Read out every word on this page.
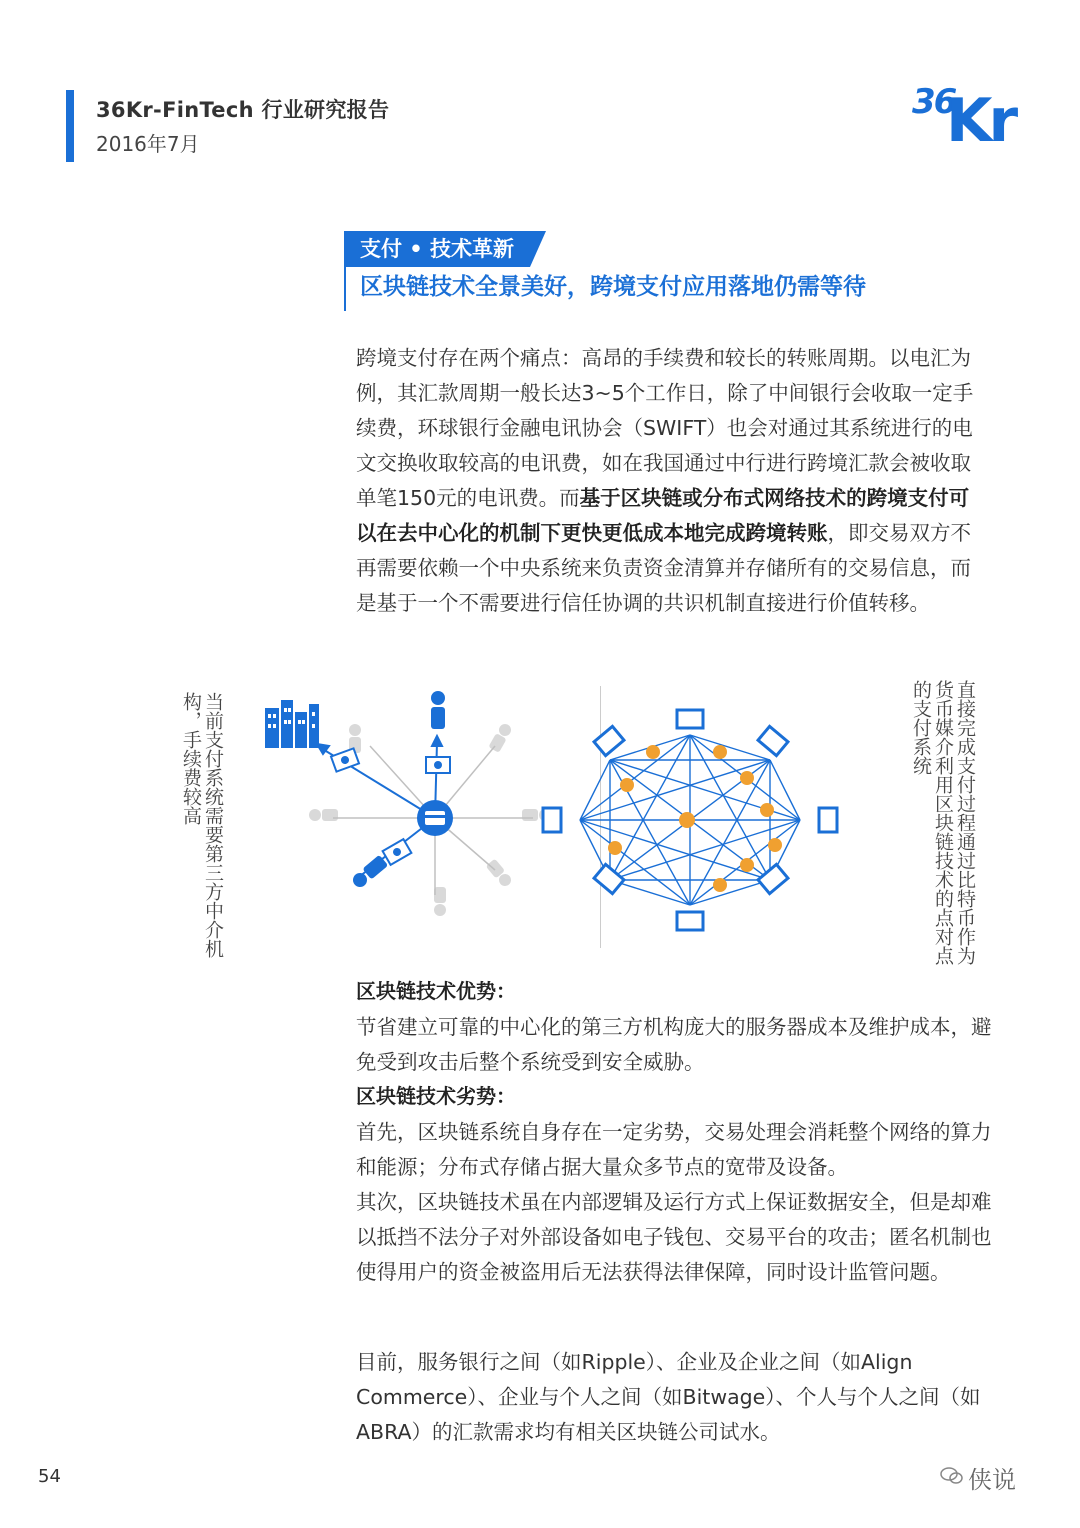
36Kr-FinTech 行业研究报告
2016年7月
36
Kr
支付 • 技术革新
区块链技术全景美好，跨境支付应用落地仍需等待
跨境支付存在两个痛点：高昂的手续费和较长的转账周期。以电汇为例，其汇款周期一般长达3~5个工作日，除了中间银行会收取一定手续费，环球银行金融电讯协会（SWIFT）也会对通过其系统进行的电文交换收取较高的电讯费，如在我国通过中行进行跨境汇款会被收取单笔150元的电讯费。而基于区块链或分布式网络技术的跨境支付可以在去中心化的机制下更快更低成本地完成跨境转账，即交易双方不再需要依赖一个中央系统来负责资金清算并存储所有的交易信息，而是基于一个不需要进行信任协调的共识机制直接进行价值转移。
当前支付系统需要第三方中介机构，手续费较高	直接完成支付过程通过比特币作为货币媒介利用区块链技术的点对点的支付系统
区块链技术优势：
节省建立可靠的中心化的第三方机构庞大的服务器成本及维护成本，避免受到攻击后整个系统受到安全威胁。
区块链技术劣势：
首先，区块链系统自身存在一定劣势，交易处理会消耗整个网络的算力和能源；分布式存储占据大量众多节点的宽带及设备。
其次，区块链技术虽在内部逻辑及运行方式上保证数据安全，但是却难以抵挡不法分子对外部设备如电子钱包、交易平台的攻击；匿名机制也使得用户的资金被盗用后无法获得法律保障，同时设计监管问题。
目前，服务银行之间（如Ripple）、企业及企业之间（如Align Commerce）、企业与个人之间（如Bitwage）、个人与个人之间（如ABRA）的汇款需求均有相关区块链公司试水。
54	侠说
